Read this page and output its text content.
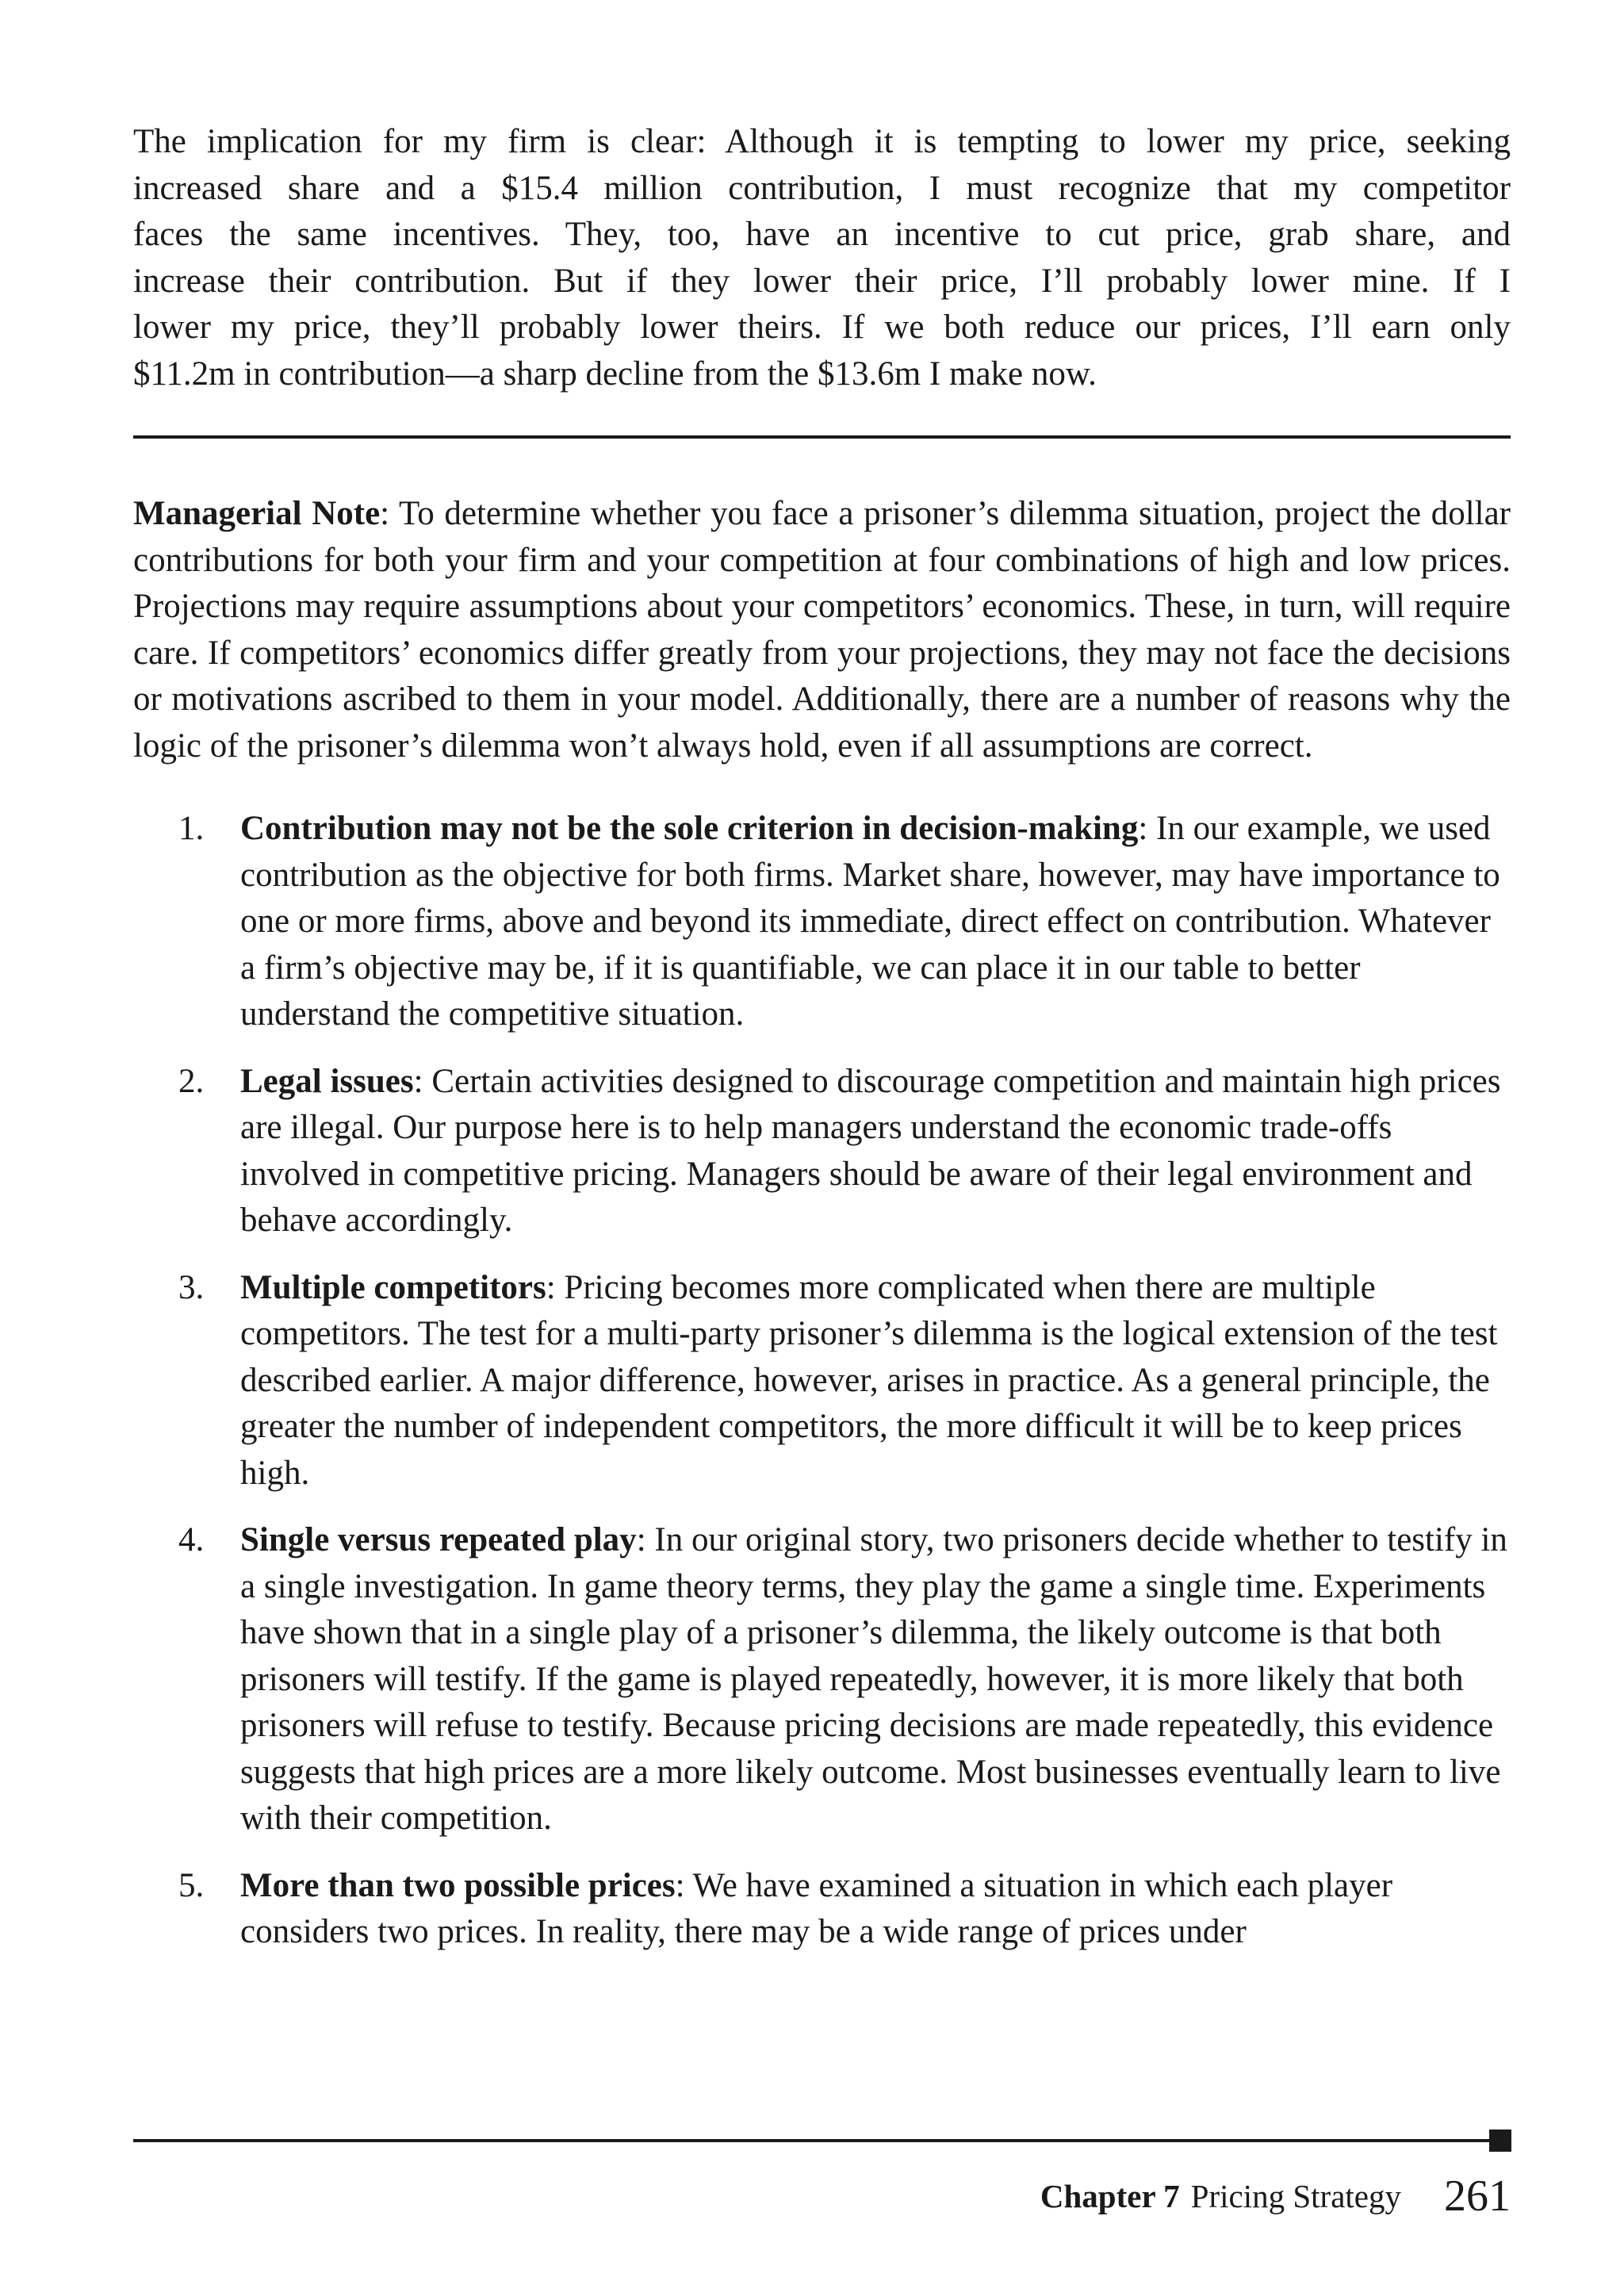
The implication for my firm is clear: Although it is tempting to lower my price, seeking
increased share and a $15.4 million contribution, I must recognize that my competitor
faces the same incentives. They, too, have an incentive to cut price, grab share, and
increase their contribution. But if they lower their price, I’ll probably lower mine. If I
lower my price, they’ll probably lower theirs. If we both reduce our prices, I’ll earn only
$11.2m in contribution—a sharp decline from the $13.6m I make now.

Managerial Note: To determine whether you face a prisoner’s dilemma situation, project the dollar contributions for both your firm and your competition at four combinations of high and low prices. Projections may require assumptions about your competitors’ economics. These, in turn, will require care. If competitors’ economics differ greatly from your projections, they may not face the decisions or motivations ascribed to them in your model. Additionally, there are a number of reasons why the logic of the prisoner’s dilemma won’t always hold, even if all assumptions are correct.

1. Contribution may not be the sole criterion in decision-making: In our example, we used contribution as the objective for both firms. Market share, however, may have importance to one or more firms, above and beyond its immediate, direct effect on contribution. Whatever a firm’s objective may be, if it is quantifiable, we can place it in our table to better understand the competitive situation.
2. Legal issues: Certain activities designed to discourage competition and maintain high prices are illegal. Our purpose here is to help managers understand the economic trade-offs involved in competitive pricing. Managers should be aware of their legal environment and behave accordingly.
3. Multiple competitors: Pricing becomes more complicated when there are multiple competitors. The test for a multi-party prisoner’s dilemma is the logical extension of the test described earlier. A major difference, however, arises in practice. As a general principle, the greater the number of independent competitors, the more difficult it will be to keep prices high.
4. Single versus repeated play: In our original story, two prisoners decide whether to testify in a single investigation. In game theory terms, they play the game a single time. Experiments have shown that in a single play of a prisoner’s dilemma, the likely outcome is that both prisoners will testify. If the game is played repeatedly, however, it is more likely that both prisoners will refuse to testify. Because pricing decisions are made repeatedly, this evidence suggests that high prices are a more likely outcome. Most businesses eventually learn to live with their competition.
5. More than two possible prices: We have examined a situation in which each player considers two prices. In reality, there may be a wide range of prices under
Chapter 7 Pricing Strategy 261
